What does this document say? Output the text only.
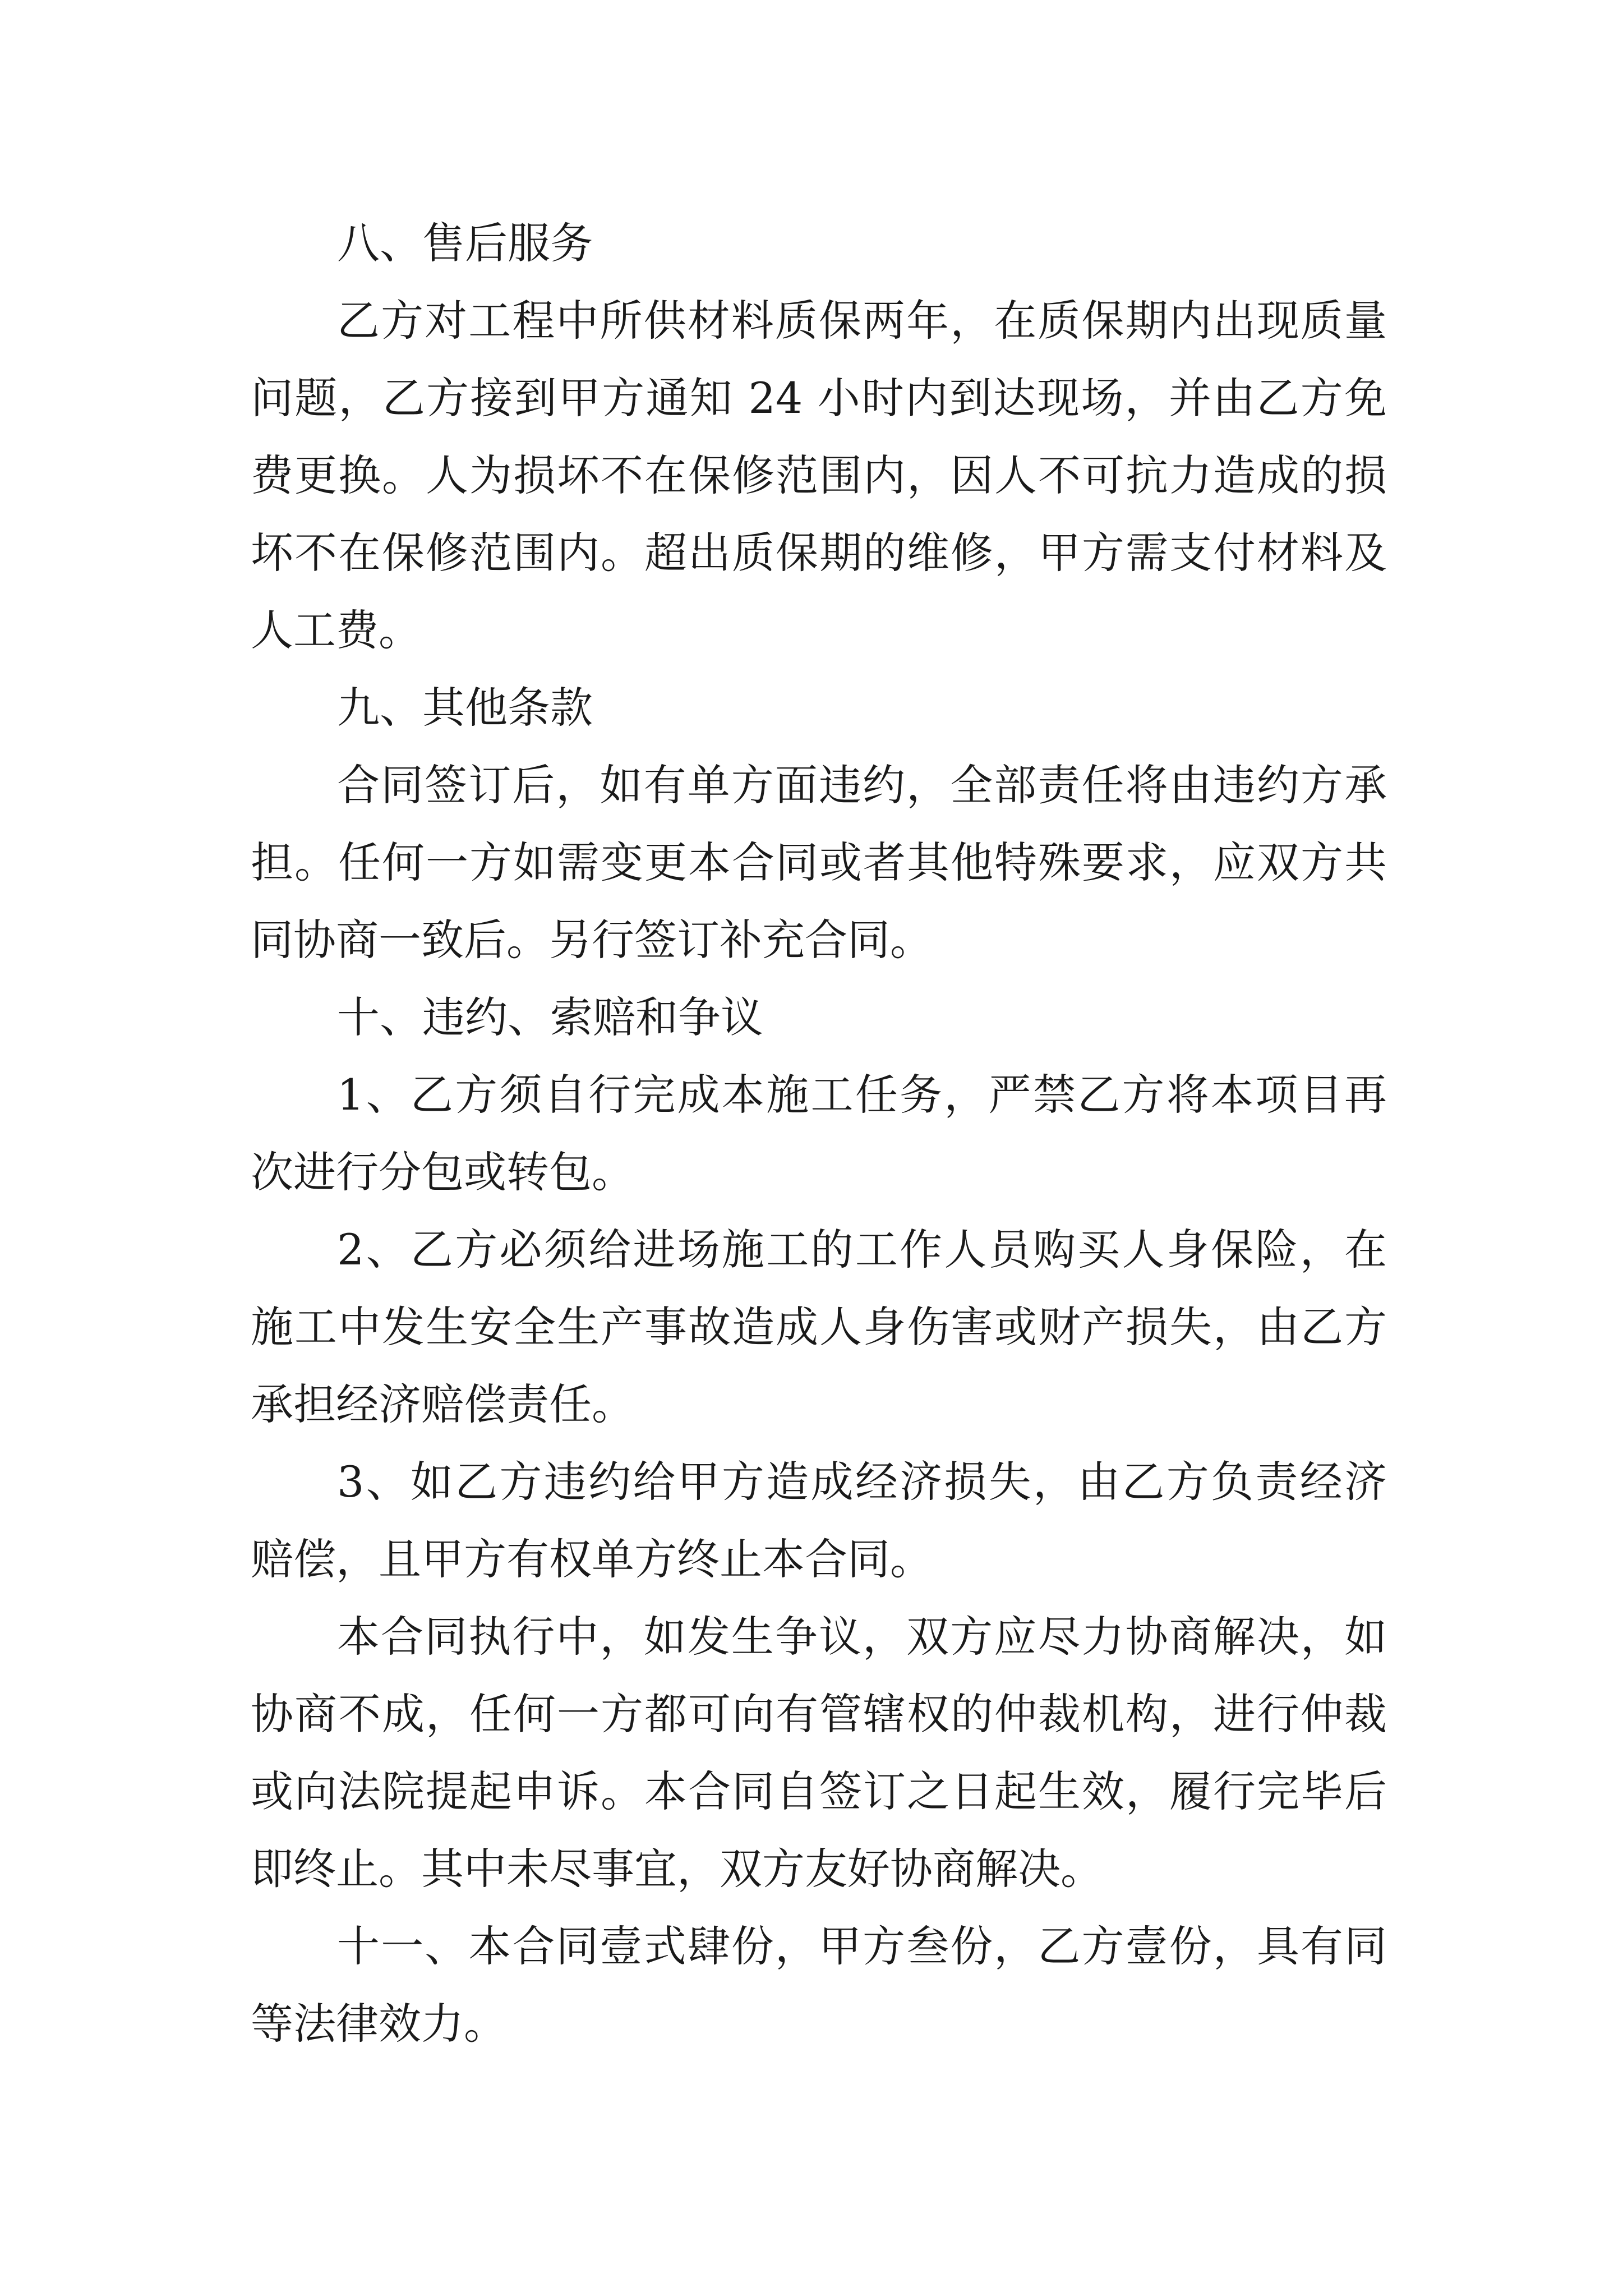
八、售后服务
乙方对工程中所供材料质保两年，在质保期内出现质量
问题，乙方接到甲方通知 24 小时内到达现场，并由乙方免
费更换。人为损坏不在保修范围内，因人不可抗力造成的损
坏不在保修范围内。超出质保期的维修，甲方需支付材料及
人工费。
九、其他条款
合同签订后，如有单方面违约，全部责任将由违约方承
担。任何一方如需变更本合同或者其他特殊要求，应双方共
同协商一致后。另行签订补充合同。
十、违约、索赔和争议
1、乙方须自行完成本施工任务，严禁乙方将本项目再
次进行分包或转包。
2、乙方必须给进场施工的工作人员购买人身保险，在
施工中发生安全生产事故造成人身伤害或财产损失，由乙方
承担经济赔偿责任。
3、如乙方违约给甲方造成经济损失，由乙方负责经济
赔偿，且甲方有权单方终止本合同。
本合同执行中，如发生争议，双方应尽力协商解决，如
协商不成，任何一方都可向有管辖权的仲裁机构，进行仲裁
或向法院提起申诉。本合同自签订之日起生效，履行完毕后
即终止。其中未尽事宜，双方友好协商解决。
十一、本合同壹式肆份，甲方叁份，乙方壹份，具有同
等法律效力。
